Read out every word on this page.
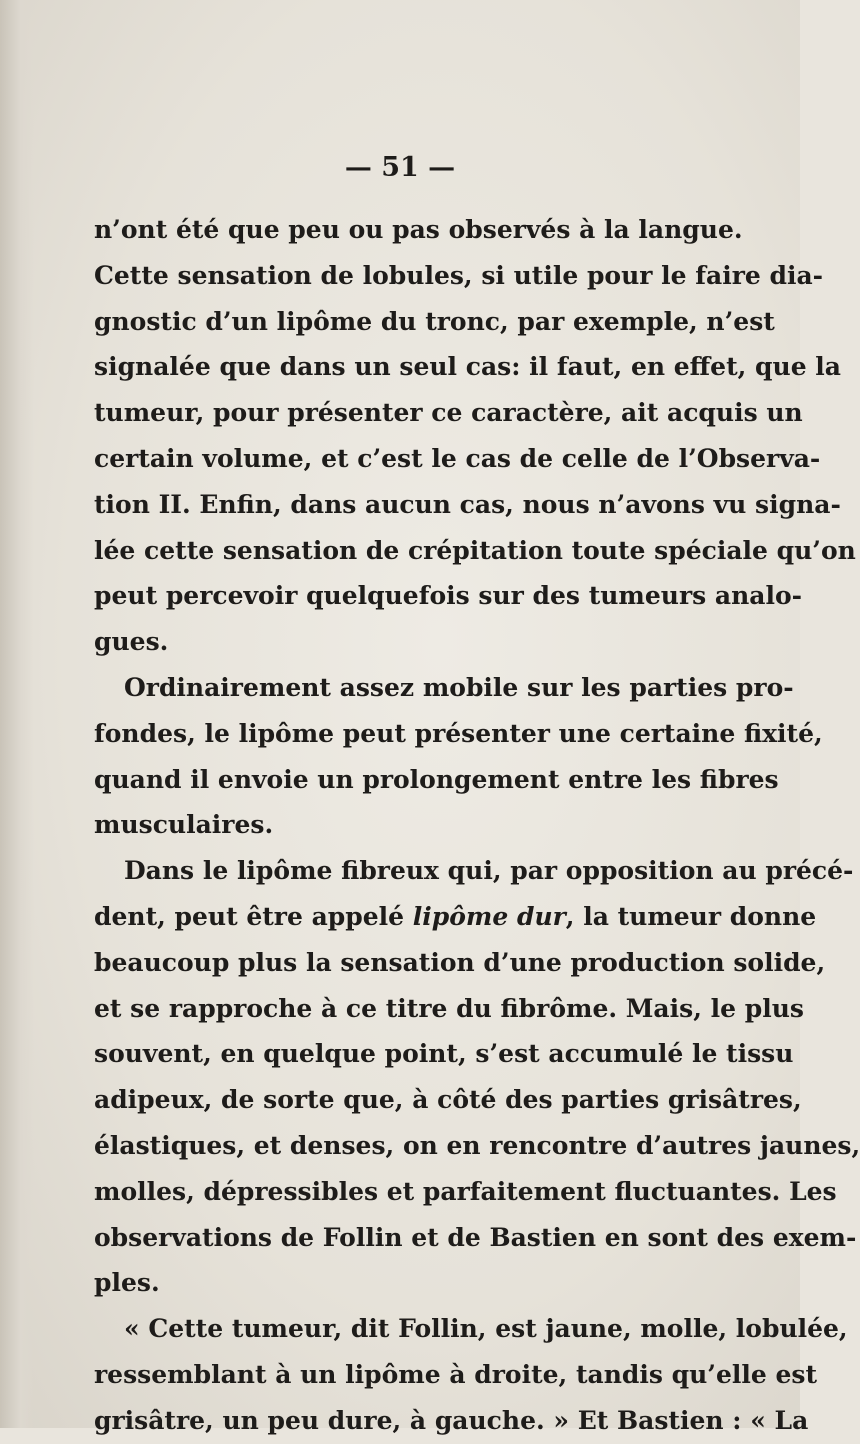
— 51 —
n’ont été que peu ou pas observés à la langue.
Cette sensation de lobules, si utile pour le faire dia-
gnostic d’un lipôme du tronc, par exemple, n’est
signalée que dans un seul cas: il faut, en effet, que la
tumeur, pour présenter ce caractère, ait acquis un
certain volume, et c’est le cas de celle de l’Observa-
tion II. Enfin, dans aucun cas, nous n’avons vu signa-
lée cette sensation de crépitation toute spéciale qu’on
peut percevoir quelquefois sur des tumeurs analo-
gues.
Ordinairement assez mobile sur les parties pro-
fondes, le lipôme peut présenter une certaine fixité,
quand il envoie un prolongement entre les fibres
musculaires.
Dans le lipôme fibreux qui, par opposition au précé-
dent, peut être appelé lipôme dur, la tumeur donne
beaucoup plus la sensation d’une production solide,
et se rapproche à ce titre du fibrôme. Mais, le plus
souvent, en quelque point, s’est accumulé le tissu
adipeux, de sorte que, à côté des parties grisâtres,
élastiques, et denses, on en rencontre d’autres jaunes,
molles, dépressibles et parfaitement fluctuantes. Les
observations de Follin et de Bastien en sont des exem-
ples.
« Cette tumeur, dit Follin, est jaune, molle, lobulée,
ressemblant à un lipôme à droite, tandis qu’elle est
grisâtre, un peu dure, à gauche. » Et Bastien : « La
